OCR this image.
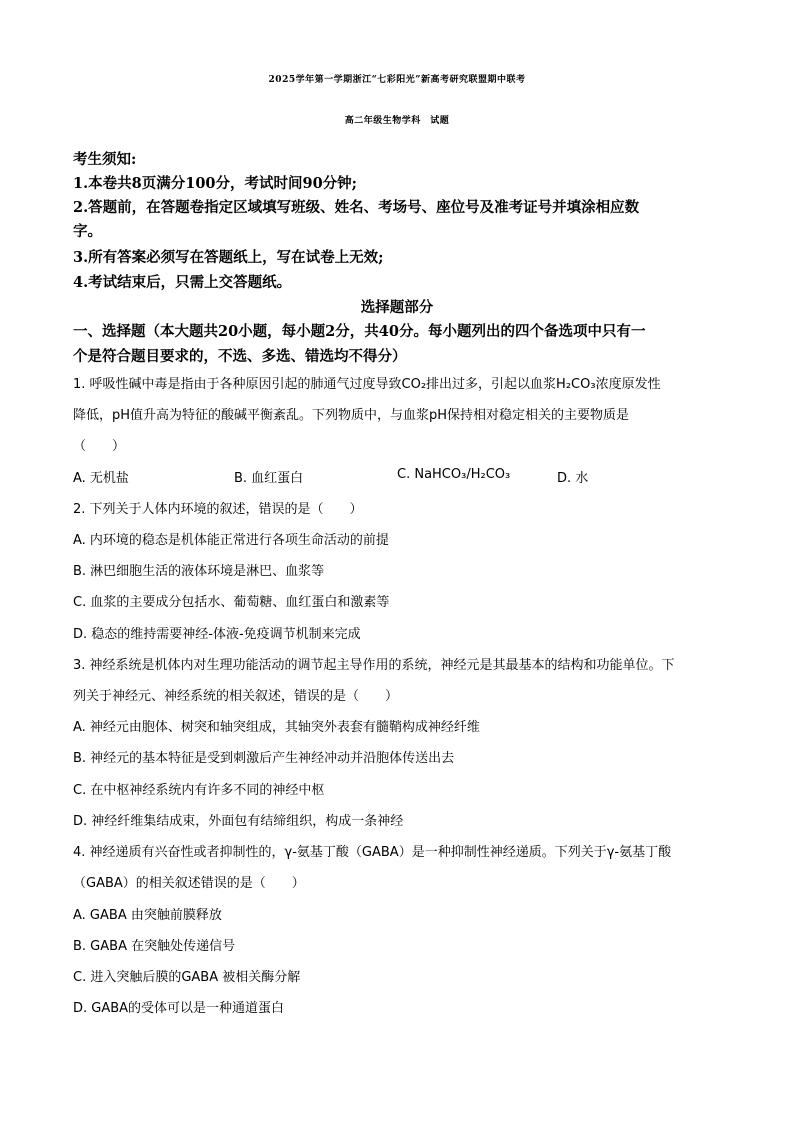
2025学年第一学期浙江“七彩阳光”新高考研究联盟期中联考
高二年级生物学科　试题
考生须知:
1.本卷共8页满分100分，考试时间90分钟;
2.答题前，在答题卷指定区域填写班级、姓名、考场号、座位号及准考证号并填涂相应数
字。
3.所有答案必须写在答题纸上，写在试卷上无效;
4.考试结束后，只需上交答题纸。
选择题部分
一、选择题（本大题共20小题，每小题2分，共40分。每小题列出的四个备选项中只有一
个是符合题目要求的，不选、多选、错选均不得分）
1. 呼吸性碱中毒是指由于各种原因引起的肺通气过度导致CO₂排出过多，引起以血浆H₂CO₃浓度原发性
降低，pH值升高为特征的酸碱平衡紊乱。下列物质中，与血浆pH保持相对稳定相关的主要物质是
（　　）
A. 无机盐	B. 血红蛋白	C. NaHCO₃/H₂CO₃	D. 水
2. 下列关于人体内环境的叙述，错误的是（　　）
A. 内环境的稳态是机体能正常进行各项生命活动的前提
B. 淋巴细胞生活的液体环境是淋巴、血浆等
C. 血浆的主要成分包括水、葡萄糖、血红蛋白和激素等
D. 稳态的维持需要神经-体液-免疫调节机制来完成
3. 神经系统是机体内对生理功能活动的调节起主导作用的系统，神经元是其最基本的结构和功能单位。下
列关于神经元、神经系统的相关叙述，错误的是（　　）
A. 神经元由胞体、树突和轴突组成，其轴突外表套有髓鞘构成神经纤维
B. 神经元的基本特征是受到刺激后产生神经冲动并沿胞体传送出去
C. 在中枢神经系统内有许多不同的神经中枢
D. 神经纤维集结成束，外面包有结缔组织，构成一条神经
4. 神经递质有兴奋性或者抑制性的，γ-氨基丁酸（GABA）是一种抑制性神经递质。下列关于γ-氨基丁酸
（GABA）的相关叙述错误的是（　　）
A. GABA 由突触前膜释放
B. GABA 在突触处传递信号
C. 进入突触后膜的GABA 被相关酶分解
D. GABA的受体可以是一种通道蛋白
